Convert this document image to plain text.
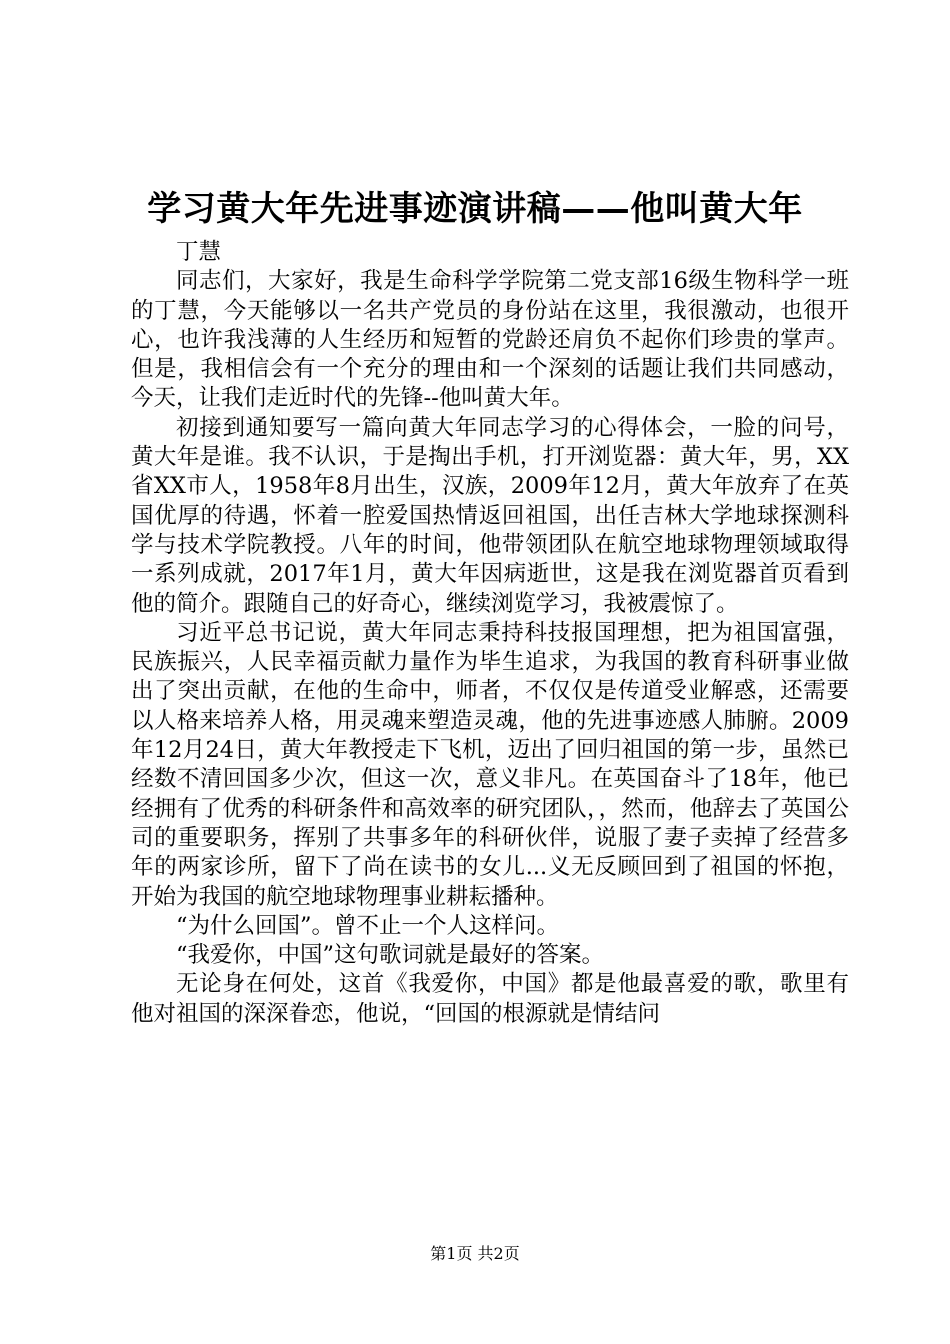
学习黄大年先进事迹演讲稿——他叫黄大年

丁慧

同志们，大家好，我是生命科学学院第二党支部16级生物科学一班的丁慧，今天能够以一名共产党员的身份站在这里，我很激动，也很开心，也许我浅薄的人生经历和短暂的党龄还肩负不起你们珍贵的掌声。但是，我相信会有一个充分的理由和一个深刻的话题让我们共同感动，今天，让我们走近时代的先锋--他叫黄大年。

初接到通知要写一篇向黄大年同志学习的心得体会，一脸的问号，黄大年是谁。我不认识，于是掏出手机，打开浏览器：黄大年，男，XX省XX市人，1958年8月出生，汉族，2009年12月，黄大年放弃了在英国优厚的待遇，怀着一腔爱国热情返回祖国，出任吉林大学地球探测科学与技术学院教授。八年的时间，他带领团队在航空地球物理领域取得一系列成就，2017年1月，黄大年因病逝世，这是我在浏览器首页看到他的简介。跟随自己的好奇心，继续浏览学习，我被震惊了。

习近平总书记说，黄大年同志秉持科技报国理想，把为祖国富强，民族振兴，人民幸福贡献力量作为毕生追求，为我国的教育科研事业做出了突出贡献，在他的生命中，师者，不仅仅是传道受业解惑，还需要以人格来培养人格，用灵魂来塑造灵魂，他的先进事迹感人肺腑。2009年12月24日，黄大年教授走下飞机，迈出了回归祖国的第一步，虽然已经数不清回国多少次，但这一次，意义非凡。在英国奋斗了18年，他已经拥有了优秀的科研条件和高效率的研究团队，，然而，他辞去了英国公司的重要职务，挥别了共事多年的科研伙伴，说服了妻子卖掉了经营多年的两家诊所，留下了尚在读书的女儿...义无反顾回到了祖国的怀抱，开始为我国的航空地球物理事业耕耘播种。

“为什么回国”。曾不止一个人这样问。

“我爱你，中国”这句歌词就是最好的答案。

无论身在何处，这首《我爱你，中国》都是他最喜爱的歌，歌里有他对祖国的深深眷恋，他说，“回国的根源就是情结问

第1页 共2页
